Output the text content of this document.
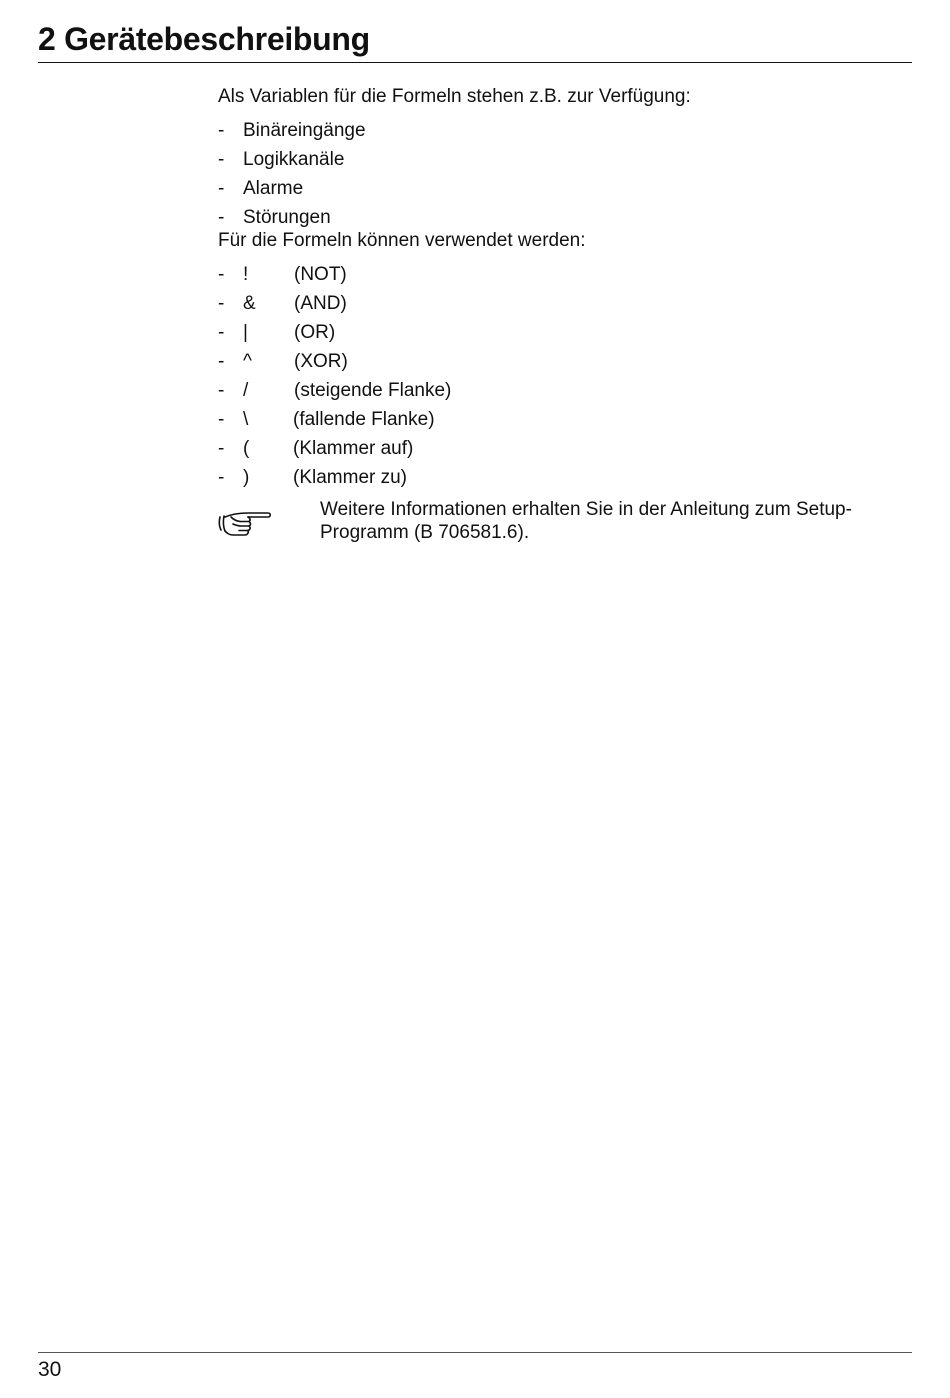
2 Gerätebeschreibung

Als Variablen für die Formeln stehen z.B. zur Verfügung:

- Binäreingänge
- Logikkanäle
- Alarme
- Störungen

Für die Formeln können verwendet werden:

- ! (NOT)
- & (AND)
- | (OR)
- ^ (XOR)
- / (steigende Flanke)
- \ (fallende Flanke)
- ( (Klammer auf)
- ) (Klammer zu)
Weitere Informationen erhalten Sie in der Anleitung zum Setup-
Programm (B 706581.6).
30
